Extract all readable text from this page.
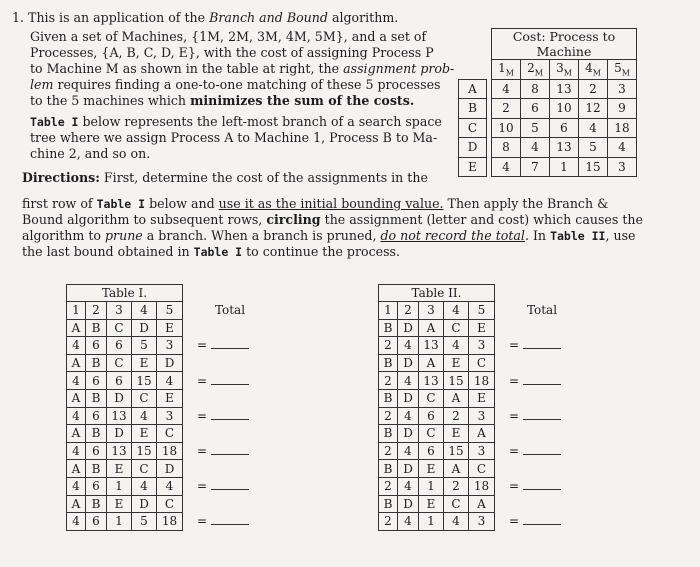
1. This is an application of the Branch and Bound algorithm.
Given a set of Machines, {1M, 2M, 3M, 4M, 5M}, and a set of
Processes, {A, B, C, D, E}, with the cost of assigning Process P
to Machine M as shown in the table at right, the assignment prob-
lem requires finding a one-to-one matching of these 5 processes
to the 5 machines which minimizes the sum of the costs.
Table I below represents the left-most branch of a search space
tree where we assign Process A to Machine 1, Process B to Ma-
chine 2, and so on.
Directions: First, determine the cost of the assignments in the
first row of Table I below and use it as the initial bounding value. Then apply the Branch &
Bound algorithm to subsequent rows, circling the assignment (letter and cost) which causes the
algorithm to prune a branch. When a branch is pruned, do not record the total. In Table II, use
the last bound obtained in Table I to continue the process.
		Cost: Process to Machine				
		$1_M$	$2_M$	$3_M$	$4_M$	$5_M$
A		4	8	13	2	3
B		2	6	10	12	9
C		10	5	6	4	18
D		8	4	13	5	4
E		4	7	1	15	3
Table I.					
1	2	3	4	5	Total
A	B	C	D	E	
4	6	6	5	3	=
A	B	C	E	D	
4	6	6	15	4	=
A	B	D	C	E	
4	6	13	4	3	=
A	B	D	E	C	
4	6	13	15	18	=
A	B	E	C	D	
4	6	1	4	4	=
A	B	E	D	C	
4	6	1	5	18	=
Table II.					
1	2	3	4	5	Total
B	D	A	C	E	
2	4	13	4	3	=
B	D	A	E	C	
2	4	13	15	18	=
B	D	C	A	E	
2	4	6	2	3	=
B	D	C	E	A	
2	4	6	15	3	=
B	D	E	A	C	
2	4	1	2	18	=
B	D	E	C	A	
2	4	1	4	3	=
